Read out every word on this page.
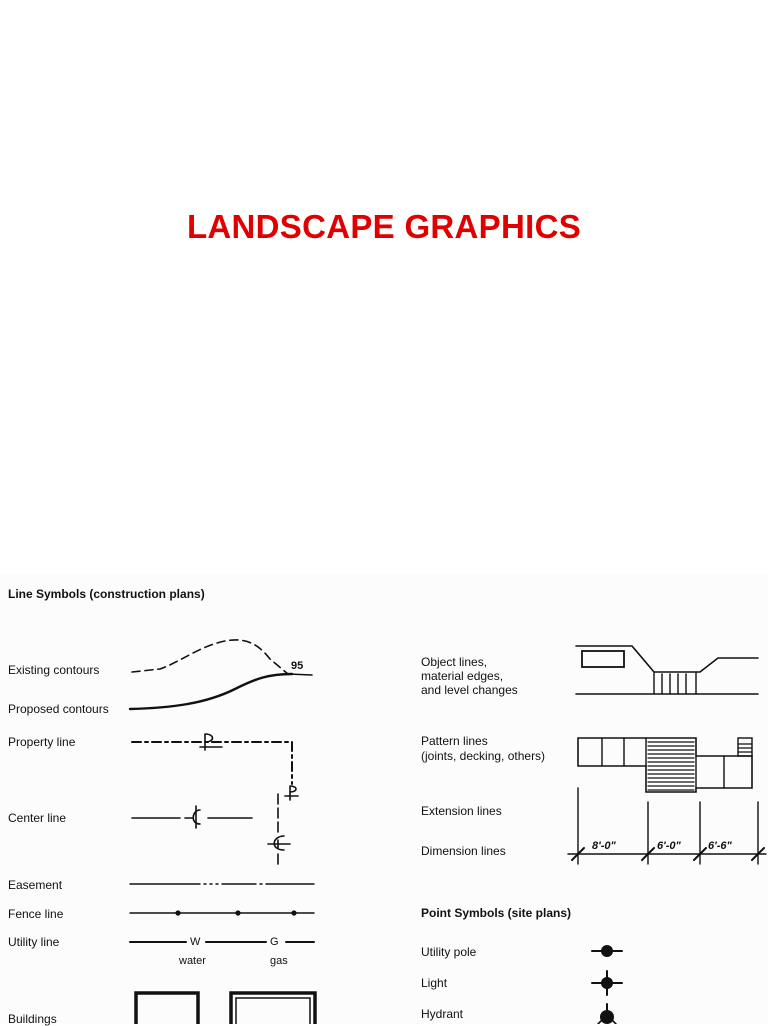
LANDSCAPE GRAPHICS
Line Symbols (construction plans)
Existing contours	95
Proposed contours
Property line
Center line
Easement
Fence line
Utility line	W	G
water	gas
Buildings
Object lines,
material edges,
and level changes
Pattern lines
(joints, decking, others)
Extension lines
Dimension lines	8'-0"	6'-0" 6'-6"
Point Symbols (site plans)
Utility pole
Light
Hydrant
